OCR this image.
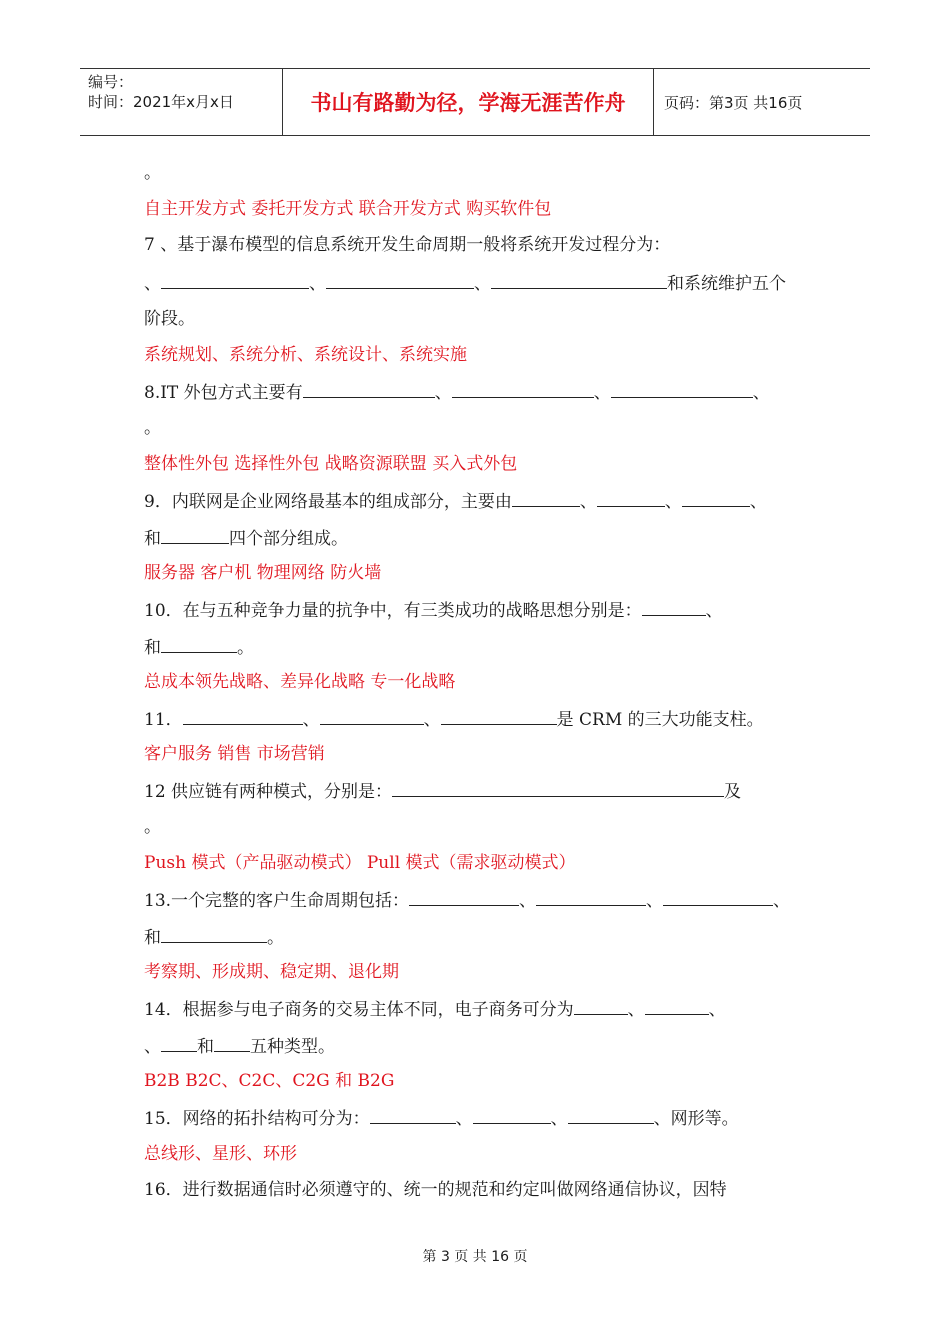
编号：
时间：2021年x月x日	书山有路勤为径，学海无涯苦作舟	页码：第3页 共16页
。
自主开发方式 委托开发方式 联合开发方式 购买软件包
7 、基于瀑布模型的信息系统开发生命周期一般将系统开发过程分为：
、	、	、	和系统维护五个
阶段。
系统规划、系统分析、系统设计、系统实施
8.IT 外包方式主要有	、	、	、
。
整体性外包 选择性外包 战略资源联盟 买入式外包
9．内联网是企业网络最基本的组成部分，主要由	、	、	、
和	四个部分组成。
服务器 客户机 物理网络 防火墙
10．在与五种竞争力量的抗争中，有三类成功的战略思想分别是：	、
和	。
总成本领先战略、差异化战略 专一化战略
11．	、	、	是 CRM 的三大功能支柱。
客户服务 销售 市场营销
12 供应链有两种模式，分别是：	及
。
Push 模式（产品驱动模式） Pull 模式（需求驱动模式）
13.一个完整的客户生命周期包括：	、	、	、
和	。
考察期、形成期、稳定期、退化期
14．根据参与电子商务的交易主体不同，电子商务可分为	、	、
、 和 五种类型。
B2B B2C、C2C、C2G 和 B2G
15．网络的拓扑结构可分为：	、	、	、网形等。
总线形、星形、环形
16．进行数据通信时必须遵守的、统一的规范和约定叫做网络通信协议，因特
第 3 页 共 16 页
